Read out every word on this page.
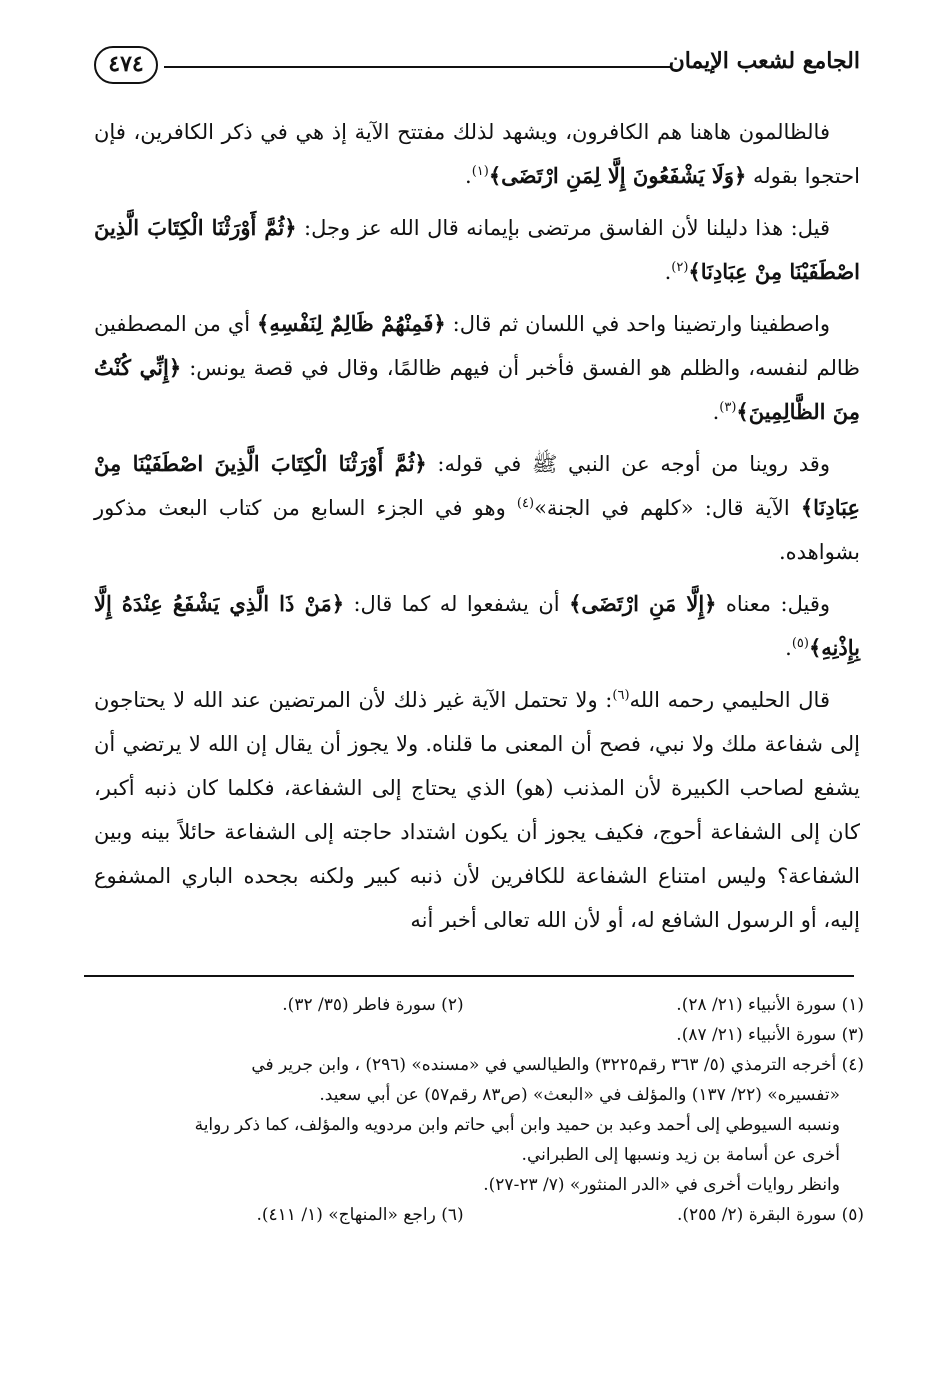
الجامع لشعب الإيمان
٤٧٤

فالظالمون هاهنا هم الكافرون، ويشهد لذلك مفتتح الآية إذ هي في ذكر الكافرين، فإن احتجوا بقوله ﴿وَلَا يَشْفَعُونَ إِلَّا لِمَنِ ارْتَضَى﴾$^{(١)}$.

قيل: هذا دليلنا لأن الفاسق مرتضى بإيمانه قال الله عز وجل: ﴿ثُمَّ أَوْرَثْنَا الْكِتَابَ الَّذِينَ اصْطَفَيْنَا مِنْ عِبَادِنَا﴾$^{(٢)}$.

واصطفينا وارتضينا واحد في اللسان ثم قال: ﴿فَمِنْهُمْ ظَالِمٌ لِنَفْسِهِ﴾ أي من المصطفين ظالم لنفسه، والظلم هو الفسق فأخبر أن فيهم ظالمًا، وقال في قصة يونس: ﴿إِنِّي كُنْتُ مِنَ الظَّالِمِينَ﴾$^{(٣)}$.

وقد روينا من أوجه عن النبي ﷺ في قوله: ﴿ثُمَّ أَوْرَثْنَا الْكِتَابَ الَّذِينَ اصْطَفَيْنَا مِنْ عِبَادِنَا﴾ الآية قال: «كلهم في الجنة»$^{(٤)}$ وهو في الجزء السابع من كتاب البعث مذكور بشواهده.

وقيل: معناه ﴿إِلَّا مَنِ ارْتَضَى﴾ أن يشفعوا له كما قال: ﴿مَنْ ذَا الَّذِي يَشْفَعُ عِنْدَهُ إِلَّا بِإِذْنِهِ﴾$^{(٥)}$.

قال الحليمي رحمه الله$^{(٦)}$: ولا تحتمل الآية غير ذلك لأن المرتضين عند الله لا يحتاجون إلى شفاعة ملك ولا نبي، فصح أن المعنى ما قلناه. ولا يجوز أن يقال إن الله لا يرتضي أن يشفع لصاحب الكبيرة لأن المذنب (هو) الذي يحتاج إلى الشفاعة، فكلما كان ذنبه أكبر، كان إلى الشفاعة أحوج، فكيف يجوز أن يكون اشتداد حاجته إلى الشفاعة حائلاً بينه وبين الشفاعة؟ وليس امتناع الشفاعة للكافرين لأن ذنبه كبير ولكنه بجحده الباري المشفوع إليه، أو الرسول الشافع له، أو لأن الله تعالى أخبر أنه

(١) سورة الأنبياء (٢١/ ٢٨).
(٢) سورة فاطر (٣٥/ ٣٢).
(٣) سورة الأنبياء (٢١/ ٨٧).
(٤) أخرجه الترمذي (٥/ ٣٦٣ رقم٣٢٢٥) والطيالسي في «مسنده» (٢٩٦) ، وابن جرير في
«تفسيره» (٢٢/ ١٣٧) والمؤلف في «البعث» (ص٨٣ رقم٥٧) عن أبي سعيد.
ونسبه السيوطي إلى أحمد وعبد بن حميد وابن أبي حاتم وابن مردويه والمؤلف، كما ذكر رواية
أخرى عن أسامة بن زيد ونسبها إلى الطبراني.
وانظر روايات أخرى في «الدر المنثور» (٧/ ٢٣-٢٧).
(٥) سورة البقرة (٢/ ٢٥٥).
(٦) راجع «المنهاج» (١/ ٤١١).
